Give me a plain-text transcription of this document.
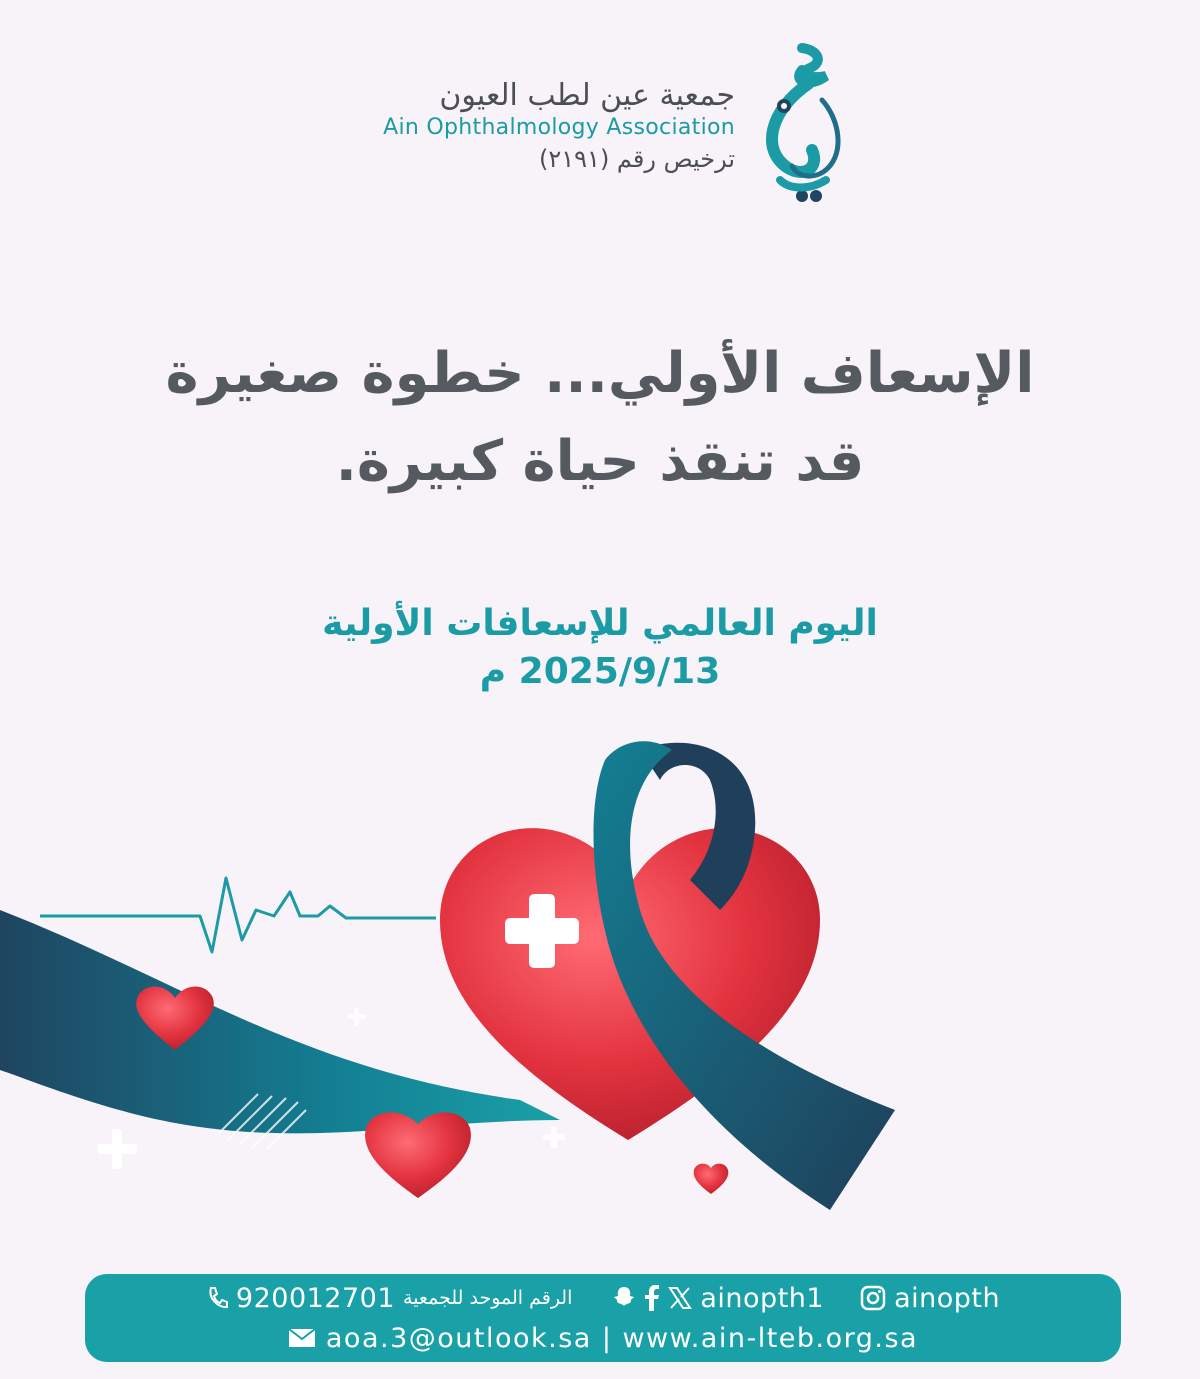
جمعية عين لطب العيون
Ain Ophthalmology Association
ترخيص رقم (٢١٩١)
الإسعاف الأولي... خطوة صغيرة
قد تنقذ حياة كبيرة.
اليوم العالمي للإسعافات الأولية
2025/9/13 م
920012701 الرقم الموحد للجمعية	ainopth1	ainopth
aoa.3@outlook.sa | www.ain-lteb.org.sa
